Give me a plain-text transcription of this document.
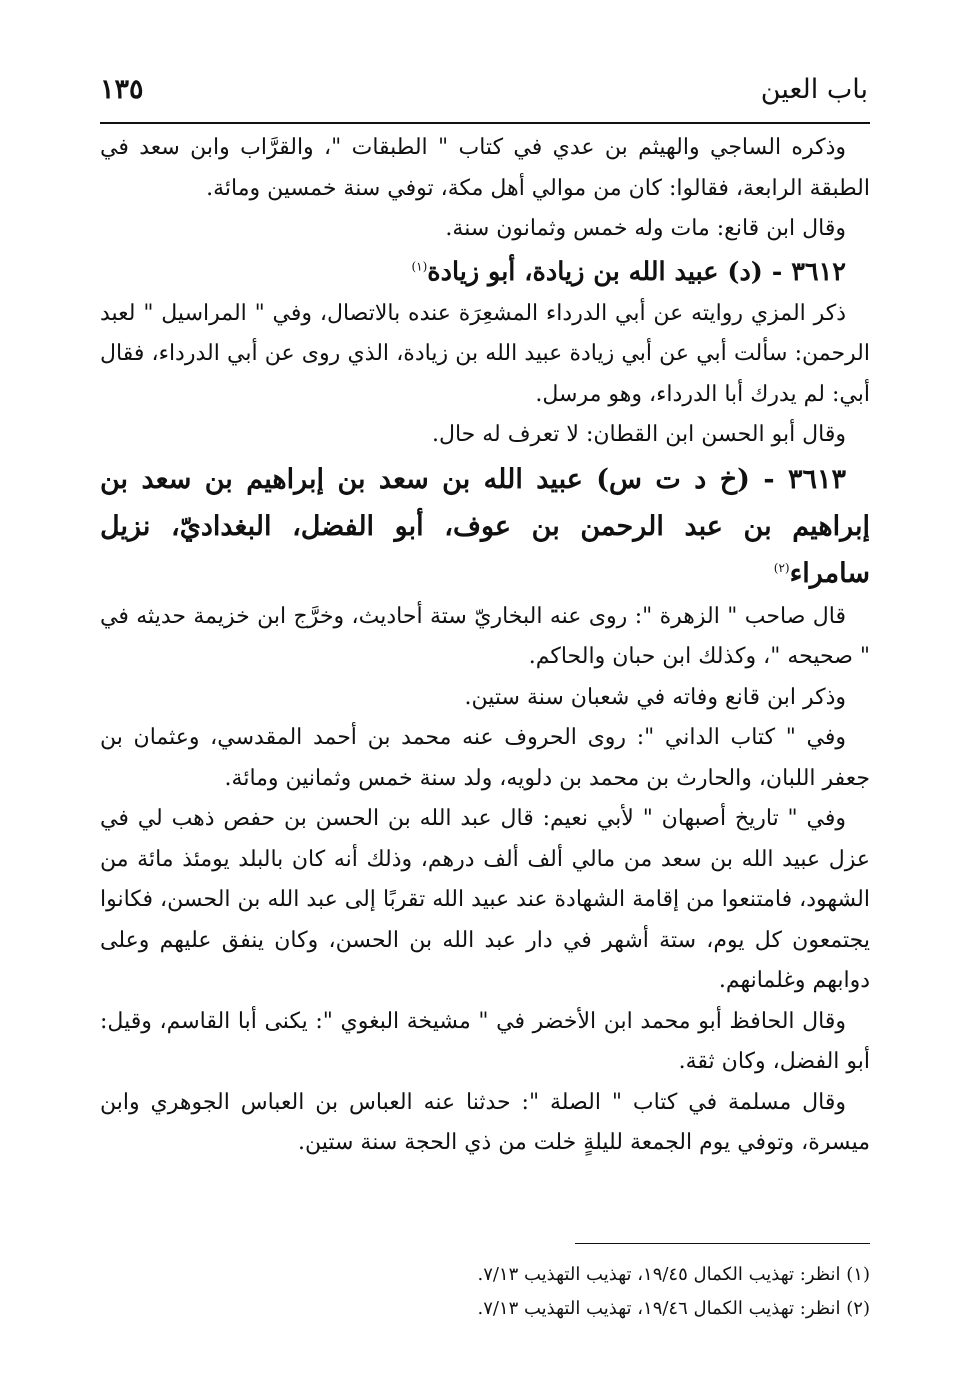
باب العين
١٣٥

وذكره الساجي والهيثم بن عدي في كتاب " الطبقات "، والقرَّاب وابن سعد في الطبقة الرابعة، فقالوا: كان من موالي أهل مكة، توفي سنة خمسين ومائة.

وقال ابن قانع: مات وله خمس وثمانون سنة.

٣٦١٢ - (د) عبيد الله بن زيادة، أبو زيادة$^{(١)}$

ذكر المزي روايته عن أبي الدرداء المشعِرَة عنده بالاتصال، وفي " المراسيل " لعبد الرحمن: سألت أبي عن أبي زيادة عبيد الله بن زيادة، الذي روى عن أبي الدرداء، فقال أبي: لم يدرك أبا الدرداء، وهو مرسل.

وقال أبو الحسن ابن القطان: لا تعرف له حال.

٣٦١٣ - (خ د ت س) عبيد الله بن سعد بن إبراهيم بن سعد بن إبراهيم بن عبد الرحمن بن عوف، أبو الفضل، البغداديّ، نزيل سامراء$^{(٢)}$

قال صاحب " الزهرة ": روى عنه البخاريّ ستة أحاديث، وخرَّج ابن خزيمة حديثه في " صحيحه "، وكذلك ابن حبان والحاكم.

وذكر ابن قانع وفاته في شعبان سنة ستين.

وفي " كتاب الداني ": روى الحروف عنه محمد بن أحمد المقدسي، وعثمان بن جعفر اللبان، والحارث بن محمد بن دلويه، ولد سنة خمس وثمانين ومائة.

وفي " تاريخ أصبهان " لأبي نعيم: قال عبد الله بن الحسن بن حفص ذهب لي في عزل عبيد الله بن سعد من مالي ألف ألف درهم، وذلك أنه كان بالبلد يومئذ مائة من الشهود، فامتنعوا من إقامة الشهادة عند عبيد الله تقربًا إلى عبد الله بن الحسن، فكانوا يجتمعون كل يوم، ستة أشهر في دار عبد الله بن الحسن، وكان ينفق عليهم وعلى دوابهم وغلمانهم.

وقال الحافظ أبو محمد ابن الأخضر في " مشيخة البغوي ": يكنى أبا القاسم، وقيل: أبو الفضل، وكان ثقة.

وقال مسلمة في كتاب " الصلة ": حدثنا عنه العباس بن العباس الجوهري وابن ميسرة، وتوفي يوم الجمعة لليلةٍ خلت من ذي الحجة سنة ستين.

(١) انظر: تهذيب الكمال ١٩/٤٥، تهذيب التهذيب ٧/١٣.

(٢) انظر: تهذيب الكمال ١٩/٤٦، تهذيب التهذيب ٧/١٣.
